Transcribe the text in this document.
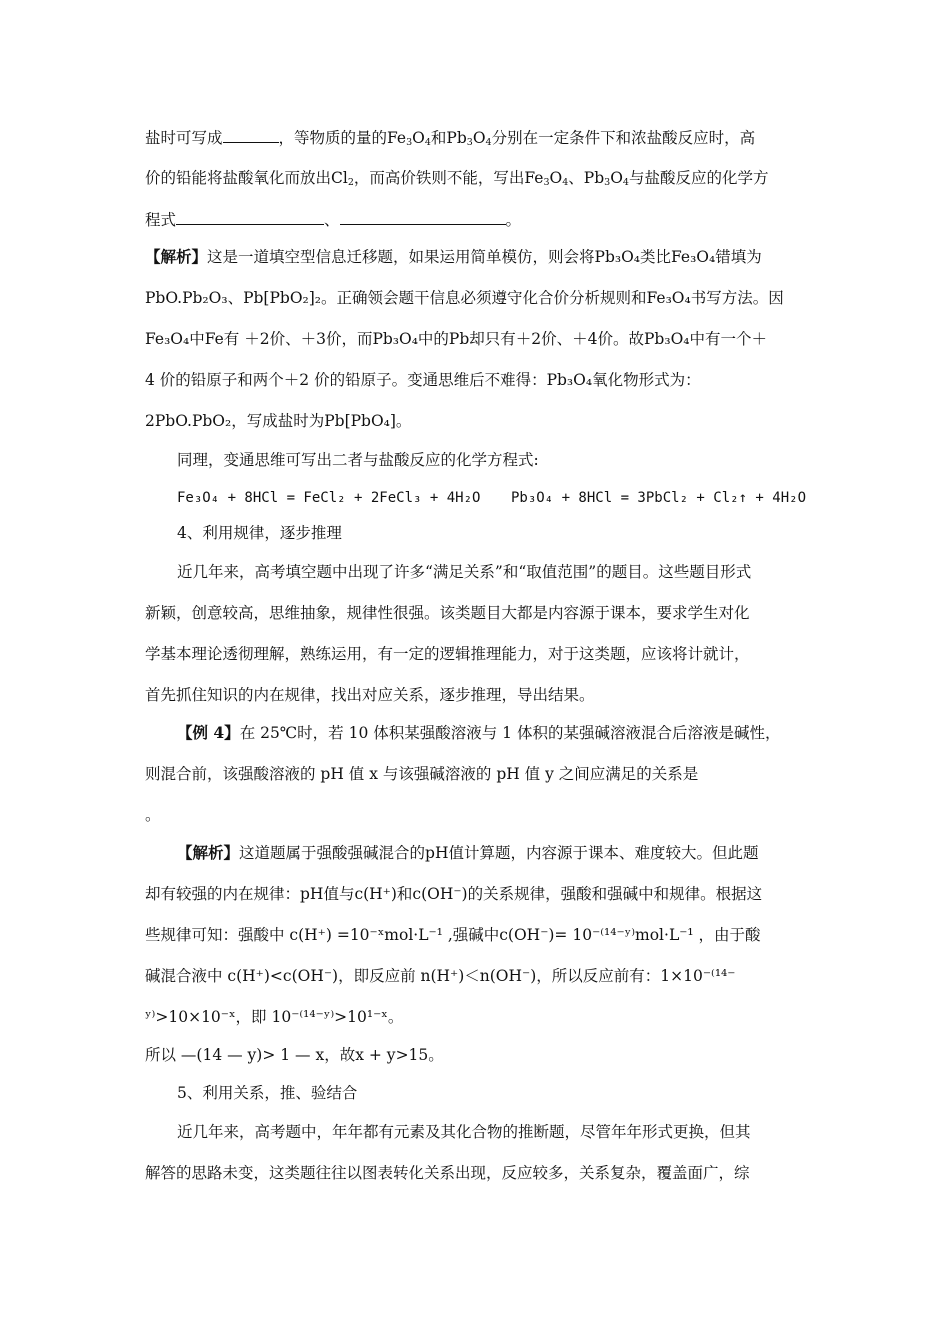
盐时可写成	，等物质的量的$Fe_3O_4$和$Pb_3O_4$分别在一定条件下和浓盐酸反应时，高
价的铅能将盐酸氧化而放出$Cl_2$，而高价铁则不能，写出$Fe_3O_4$、$Pb_3O_4$与盐酸反应的化学方
程式	、	。
【解析】这是一道填空型信息迁移题，如果运用简单模仿，则会将Pb₃O₄类比Fe₃O₄错填为
PbO.Pb₂O₃、Pb[PbO₂]₂。正确领会题干信息必须遵守化合价分析规则和Fe₃O₄书写方法。因
Fe₃O₄中Fe有 ＋2价、＋3价，而Pb₃O₄中的Pb却只有＋2价、＋4价。故Pb₃O₄中有一个＋
4 价的铅原子和两个＋2 价的铅原子。变通思维后不难得：Pb₃O₄氧化物形式为：
2PbO.PbO₂，写成盐时为Pb[PbO₄]。
同理，变通思维可写出二者与盐酸反应的化学方程式:
Fe₃O₄ + 8HCl = FeCl₂ + 2FeCl₃ + 4H₂O	Pb₃O₄ + 8HCl = 3PbCl₂ + Cl₂↑ + 4H₂O
4、利用规律，逐步推理
近几年来，高考填空题中出现了许多“满足关系”和“取值范围”的题目。这些题目形式
新颖，创意较高，思维抽象，规律性很强。该类题目大都是内容源于课本，要求学生对化
学基本理论透彻理解，熟练运用，有一定的逻辑推理能力，对于这类题，应该将计就计，
首先抓住知识的内在规律，找出对应关系，逐步推理，导出结果。
【例 4】在 25℃时，若 10 体积某强酸溶液与 1 体积的某强碱溶液混合后溶液是碱性，
则混合前，该强酸溶液的 pH 值 x 与该强碱溶液的 pH 值 y 之间应满足的关系是
。
【解析】这道题属于强酸强碱混合的pH值计算题，内容源于课本、难度较大。但此题
却有较强的内在规律：pH值与c(H⁺)和c(OH⁻)的关系规律，强酸和强碱中和规律。根据这
些规律可知：强酸中 c(H⁺) =10⁻ˣmol·L⁻¹ ,强碱中c(OH⁻)= 10⁻⁽¹⁴⁻ʸ⁾mol·L⁻¹ ，由于酸
碱混合液中 c(H⁺)<c(OH⁻)，即反应前 n(H⁺)＜n(OH⁻)，所以反应前有：1×10⁻⁽¹⁴⁻
ʸ⁾>10×10⁻ˣ，即 10⁻⁽¹⁴⁻ʸ⁾>10¹⁻ˣ。
所以 —(14 — y)> 1 — x，故x + y>15。
5、利用关系，推、验结合
近几年来，高考题中，年年都有元素及其化合物的推断题，尽管年年形式更换，但其
解答的思路未变，这类题往往以图表转化关系出现，反应较多，关系复杂，覆盖面广，综
